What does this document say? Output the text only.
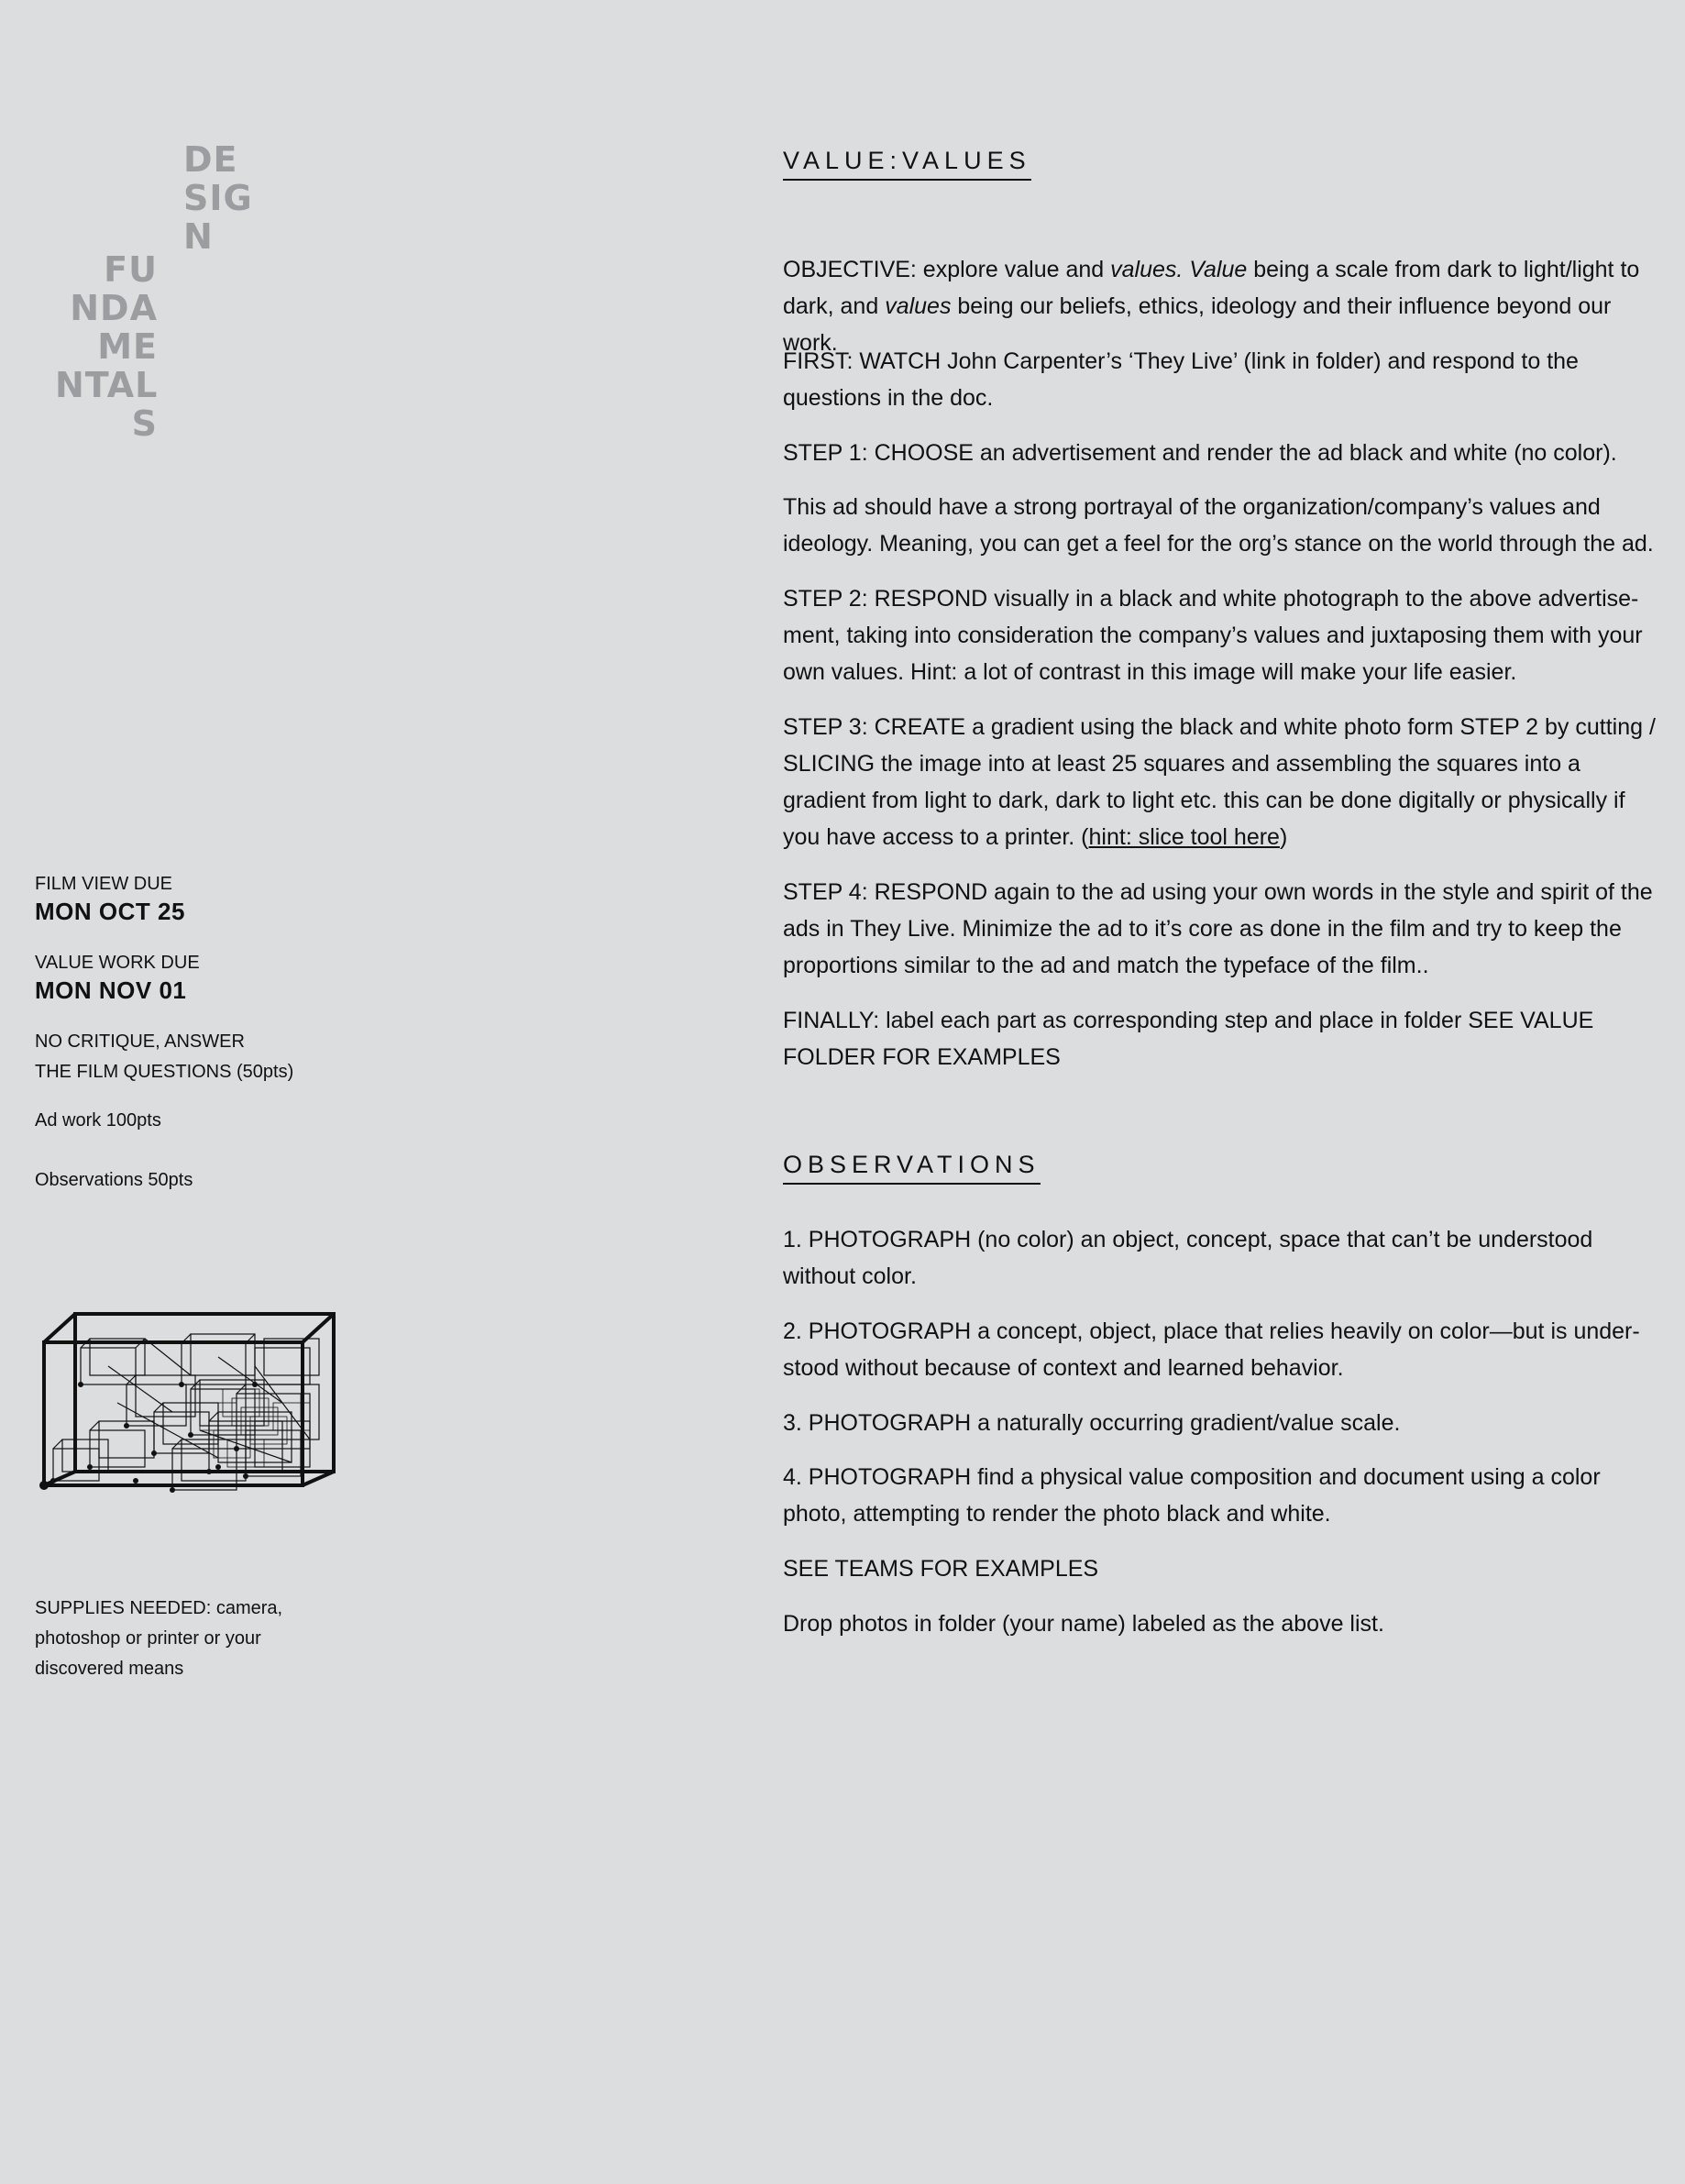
DE
SIG
N
FU
NDA
ME
NTAL
S
FILM VIEW DUE
MON OCT 25
VALUE WORK DUE
MON NOV 01
NO CRITIQUE, ANSWER
THE FILM QUESTIONS (50pts)
Ad work 100pts
Observations 50pts
SUPPLIES NEEDED: camera,
photoshop or printer or your
discovered means
VALUE:VALUES
OBJECTIVE: explore value and values. Value being a scale from dark to light/light to dark, and values being our beliefs, ethics, ideology and their influence beyond our work.
FIRST: WATCH John Carpenter’s ‘They Live’ (link in folder) and respond to the questions in the doc.
STEP 1: CHOOSE an advertisement and render the ad black and white (no color).
This ad should have a strong portrayal of the organization/company’s values and ideology. Meaning, you can get a feel for the org’s stance on the world through the ad.
STEP 2: RESPOND visually in a black and white photograph to the above advertise-ment, taking into consideration the company’s values and juxtaposing them with your own values. Hint: a lot of contrast in this image will make your life easier.
STEP 3: CREATE a gradient using the black and white photo form STEP 2 by cutting / SLICING the image into at least 25 squares and assembling the squares into a gradient from light to dark, dark to light etc. this can be done digitally or physically if you have access to a printer. (hint: slice tool here)
STEP 4: RESPOND again to the ad using your own words in the style and spirit of the ads in They Live. Minimize the ad to it’s core as done in the film and try to keep the proportions similar to the ad and match the typeface of the film..
FINALLY: label each part as corresponding step and place in folder SEE VALUE FOLDER FOR EXAMPLES
OBSERVATIONS
1. PHOTOGRAPH (no color) an object, concept, space that can’t be understood without color.
2. PHOTOGRAPH a concept, object, place that relies heavily on color—but is under-stood without because of context and learned behavior.
3. PHOTOGRAPH a naturally occurring gradient/value scale.
4. PHOTOGRAPH find a physical value composition and document using a color photo, attempting to render the photo black and white.
SEE TEAMS FOR EXAMPLES
Drop photos in folder (your name) labeled as the above list.
